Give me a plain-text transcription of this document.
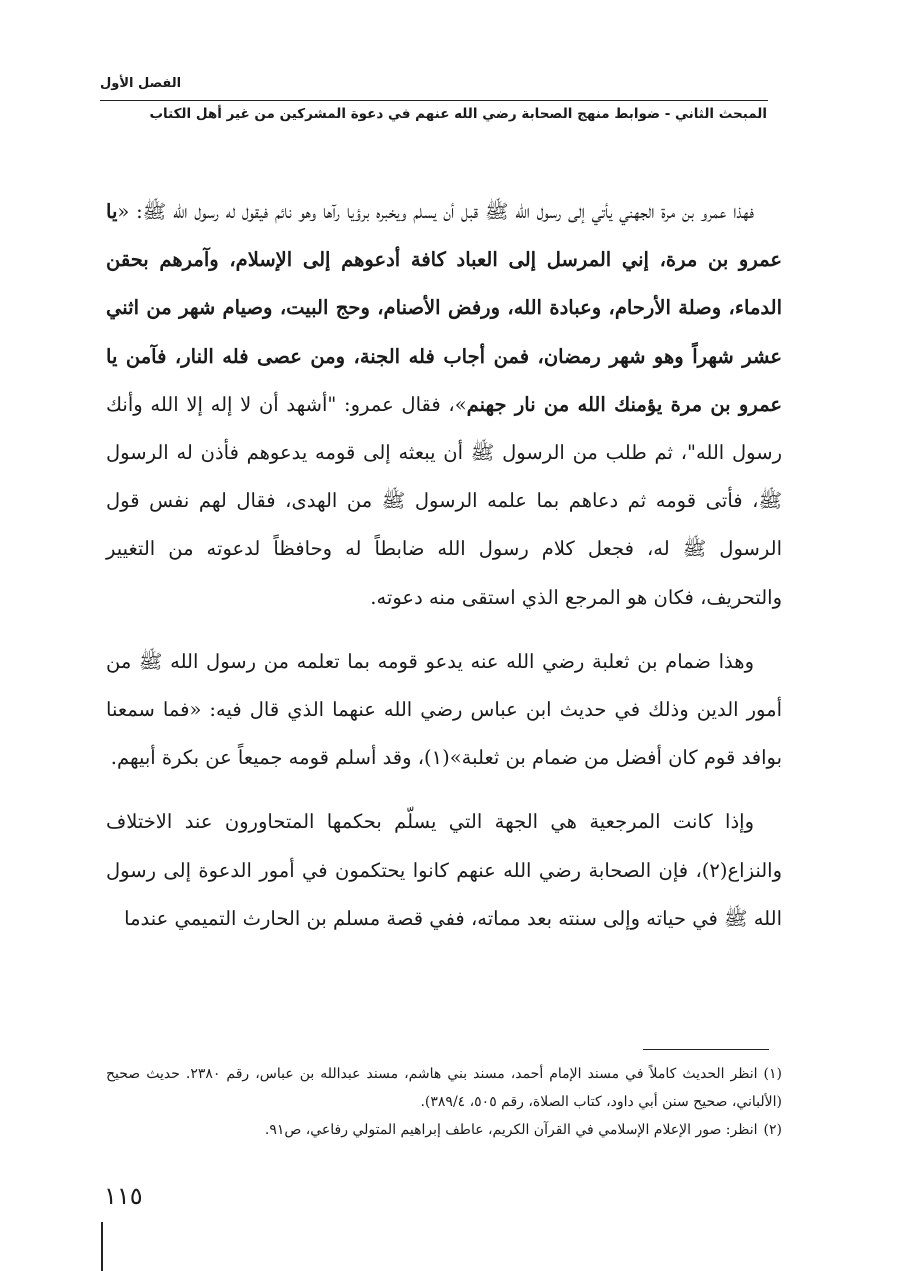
الفصل الأول
المبحث الثاني - ضوابط منهج الصحابة رضي الله عنهم في دعوة المشركين من غير أهل الكتاب

فهذا عمرو بن مرة الجهني يأتي إلى رسول الله ﷺ قبل أن يسلم ويخبره برؤيا رآها وهو نائم فيقول له رسول الله ﷺ: «يا عمرو بن مرة، إني المرسل إلى العباد كافة أدعوهم إلى الإسلام، وآمرهم بحقن الدماء، وصلة الأرحام، وعبادة الله، ورفض الأصنام، وحج البيت، وصيام شهر من اثني عشر شهراً وهو شهر رمضان، فمن أجاب فله الجنة، ومن عصى فله النار، فآمن يا عمرو بن مرة يؤمنك الله من نار جهنم»، فقال عمرو: "أشهد أن لا إله إلا الله وأنك رسول الله"، ثم طلب من الرسول ﷺ أن يبعثه إلى قومه يدعوهم فأذن له الرسول ﷺ، فأتى قومه ثم دعاهم بما علمه الرسول ﷺ من الهدى، فقال لهم نفس قول الرسول ﷺ له، فجعل كلام رسول الله ضابطاً له وحافظاً لدعوته من التغيير والتحريف، فكان هو المرجع الذي استقى منه دعوته.

وهذا ضمام بن ثعلبة رضي الله عنه يدعو قومه بما تعلمه من رسول الله ﷺ من أمور الدين وذلك في حديث ابن عباس رضي الله عنهما الذي قال فيه: «فما سمعنا بوافد قوم كان أفضل من ضمام بن ثعلبة»(١)، وقد أسلم قومه جميعاً عن بكرة أبيهم.

وإذا كانت المرجعية هي الجهة التي يسلّم بحكمها المتحاورون عند الاختلاف والنزاع(٢)، فإن الصحابة رضي الله عنهم كانوا يحتكمون في أمور الدعوة إلى رسول الله ﷺ في حياته وإلى سنته بعد مماته، ففي قصة مسلم بن الحارث التميمي عندما

(١)انظر الحديث كاملاً في مسند الإمام أحمد، مسند بني هاشم، مسند عبدالله بن عباس، رقم ٢٣٨٠. حديث صحيح (الألباني، صحيح سنن أبي داود، كتاب الصلاة، رقم ٥٠٥، ٣٨٩/٤).

(٢)انظر: صور الإعلام الإسلامي في القرآن الكريم، عاطف إبراهيم المتولي رفاعي، ص٩١.

١١٥
